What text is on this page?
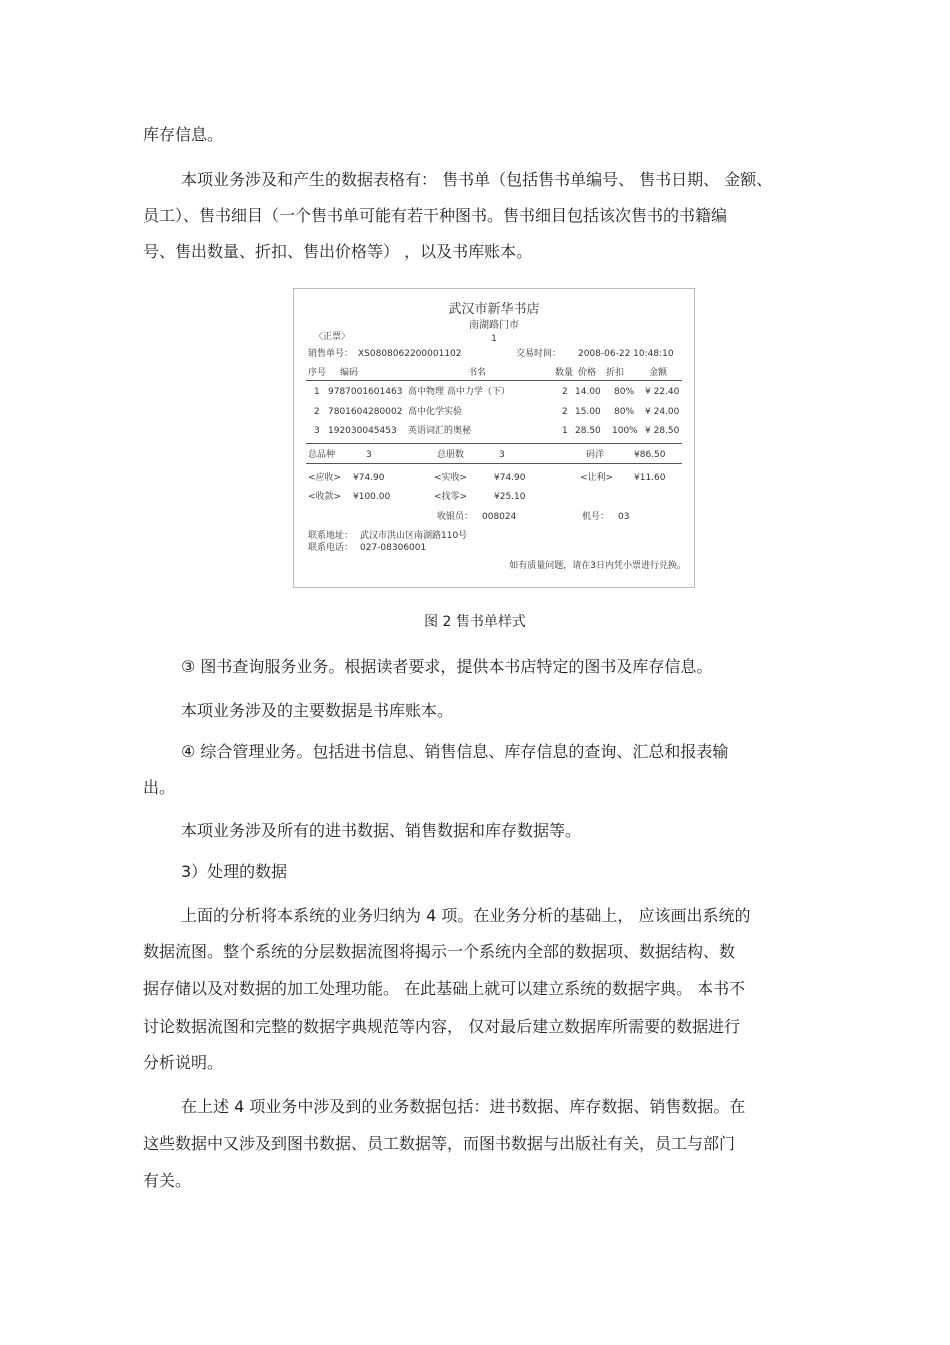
库存信息。
本项业务涉及和产生的数据表格有： 售书单（包括售书单编号、 售书日期、 金额、
员工）、售书细目（一个售书单可能有若干种图书。售书细目包括该次售书的书籍编
号、售出数量、折扣、售出价格等） ，以及书库账本。
武汉市新华书店
南湖路门市
1
〈正票〉
销售单号： XS0808062200001102	交易时间： 2008-06-22 10:48:10
序号 编码	书名	数量 价格 折扣	金额
1 9787001601463 高中物理 高中力学（下）	2 14.00 80% ¥ 22.40
2 7801604280002 高中化学实验	2 15.00 80% ¥ 24.00
3 192030045453 英语词汇的奥秘	1 28.50 100% ¥ 28.50
总品种	3	总册数	3	码洋	¥86.50
<应收> ¥74.90	<实收>	¥74.90	<让利> ¥11.60
<收款> ¥100.00	<找零>	¥25.10
收银员： 008024	机号： 03
联系地址： 武汉市洪山区南湖路110号
联系电话： 027-08306001
如有质量问题，请在3日内凭小票进行兑换。
图 2 售书单样式
③ 图书查询服务业务。根据读者要求，提供本书店特定的图书及库存信息。
本项业务涉及的主要数据是书库账本。
④ 综合管理业务。包括进书信息、销售信息、库存信息的查询、汇总和报表输
出。
本项业务涉及所有的进书数据、销售数据和库存数据等。
3）处理的数据
上面的分析将本系统的业务归纳为 4 项。在业务分析的基础上， 应该画出系统的
数据流图。整个系统的分层数据流图将揭示一个系统内全部的数据项、数据结构、数
据存储以及对数据的加工处理功能。 在此基础上就可以建立系统的数据字典。 本书不
讨论数据流图和完整的数据字典规范等内容， 仅对最后建立数据库所需要的数据进行
分析说明。
在上述 4 项业务中涉及到的业务数据包括：进书数据、库存数据、销售数据。在
这些数据中又涉及到图书数据、员工数据等，而图书数据与出版社有关，员工与部门
有关。
